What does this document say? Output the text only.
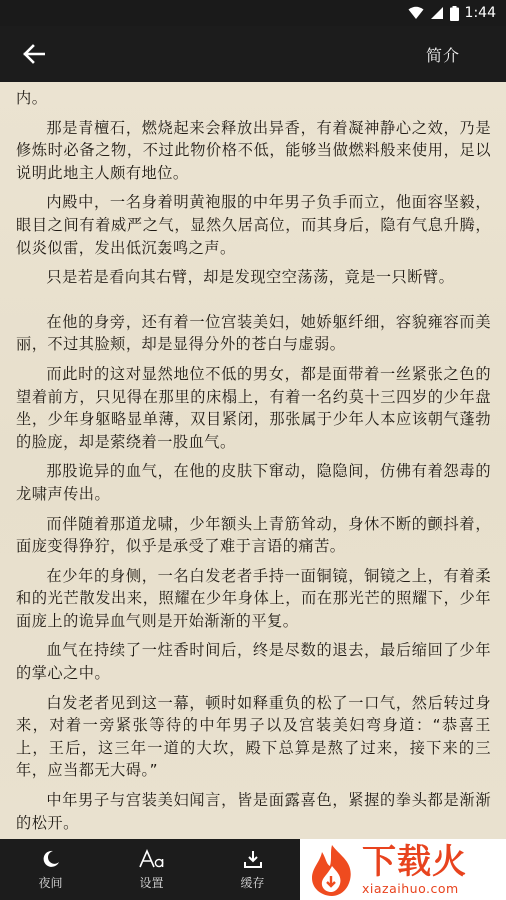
1:44
简介

内。

那是青檀石，燃烧起来会释放出异香，有着凝神静心之效，乃是修炼时必备之物，不过此物价格不低，能够当做燃料般来使用，足以说明此地主人颇有地位。

内殿中，一名身着明黄袍服的中年男子负手而立，他面容坚毅，眼目之间有着威严之气，显然久居高位，而其身后，隐有气息升腾，似炎似雷，发出低沉轰鸣之声。

只是若是看向其右臂，却是发现空空荡荡，竟是一只断臂。

在他的身旁，还有着一位宫装美妇，她娇躯纤细，容貌雍容而美丽，不过其脸颊，却是显得分外的苍白与虚弱。

而此时的这对显然地位不低的男女，都是面带着一丝紧张之色的望着前方，只见得在那里的床榻上，有着一名约莫十三四岁的少年盘坐，少年身躯略显单薄，双目紧闭，那张属于少年人本应该朝气蓬勃的脸庞，却是萦绕着一股血气。

那股诡异的血气，在他的皮肤下窜动，隐隐间，仿佛有着怨毒的龙啸声传出。

而伴随着那道龙啸，少年额头上青筋耸动，身休不断的颤抖着，面庞变得狰狞，似乎是承受了难于言语的痛苦。

在少年的身侧，一名白发老者手持一面铜镜，铜镜之上，有着柔和的光芒散发出来，照耀在少年身体上，而在那光芒的照耀下，少年面庞上的诡异血气则是开始渐渐的平复。

血气在持续了一炷香时间后，终是尽数的退去，最后缩回了少年的掌心之中。

白发老者见到这一幕，顿时如释重负的松了一口气，然后转过身来，对着一旁紧张等待的中年男子以及宫装美妇弯身道：“恭喜王上，王后，这三年一道的大坎，殿下总算是熬了过来，接下来的三年，应当都无大碍。”

中年男子与宫装美妇闻言，皆是面露喜色，紧握的拳头都是渐渐的松开。

夜间	设置	缓存
下载火
xiazaihuo.com
